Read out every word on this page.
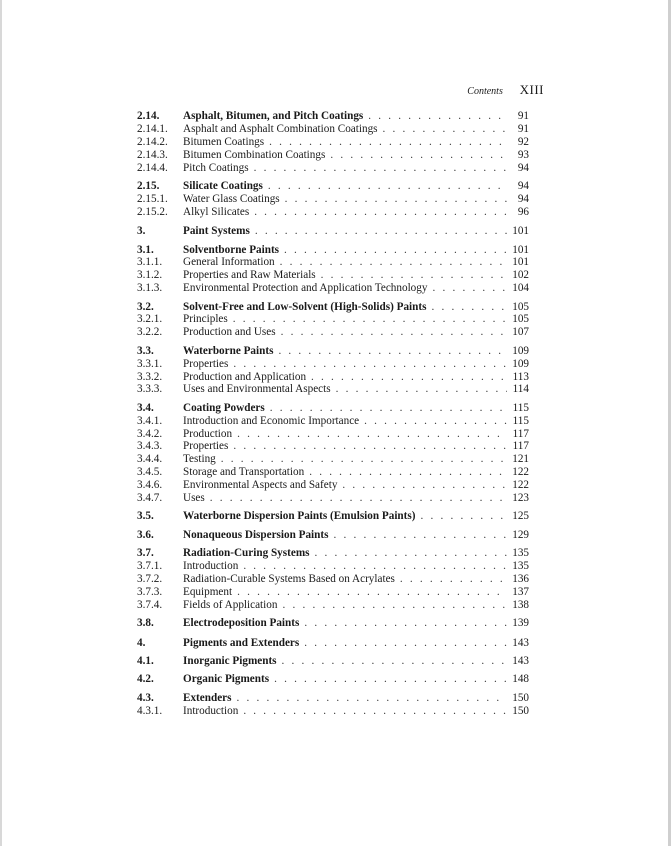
Contents XIII
2.14.	Asphalt, Bitumen, and Pitch Coatings . . .	91
2.14.1.	Asphalt and Asphalt Combination Coatings . . .	91
2.14.2.	Bitumen Coatings . . .	92
2.14.3.	Bitumen Combination Coatings . . .	93
2.14.4.	Pitch Coatings . . .	94
2.15.	Silicate Coatings . . .	94
2.15.1.	Water Glass Coatings . . .	94
2.15.2.	Alkyl Silicates . . .	96
3.	Paint Systems . . .	101
3.1.	Solventborne Paints . . .	101
3.1.1.	General Information . . .	101
3.1.2.	Properties and Raw Materials . . .	102
3.1.3.	Environmental Protection and Application Technology . . .	104
3.2.	Solvent-Free and Low-Solvent (High-Solids) Paints . . .	105
3.2.1.	Principles . . .	105
3.2.2.	Production and Uses . . .	107
3.3.	Waterborne Paints . . .	109
3.3.1.	Properties . . .	109
3.3.2.	Production and Application . . .	113
3.3.3.	Uses and Environmental Aspects . . .	114
3.4.	Coating Powders . . .	115
3.4.1.	Introduction and Economic Importance . . .	115
3.4.2.	Production . . .	117
3.4.3.	Properties . . .	117
3.4.4.	Testing . . .	121
3.4.5.	Storage and Transportation . . .	122
3.4.6.	Environmental Aspects and Safety . . .	122
3.4.7.	Uses . . .	123
3.5.	Waterborne Dispersion Paints (Emulsion Paints) . . .	125
3.6.	Nonaqueous Dispersion Paints . . .	129
3.7.	Radiation-Curing Systems . . .	135
3.7.1.	Introduction . . .	135
3.7.2.	Radiation-Curable Systems Based on Acrylates . . .	136
3.7.3.	Equipment . . .	137
3.7.4.	Fields of Application . . .	138
3.8.	Electrodeposition Paints . . .	139
4.	Pigments and Extenders . . .	143
4.1.	Inorganic Pigments . . .	143
4.2.	Organic Pigments . . .	148
4.3.	Extenders . . .	150
4.3.1.	Introduction . . .	150
